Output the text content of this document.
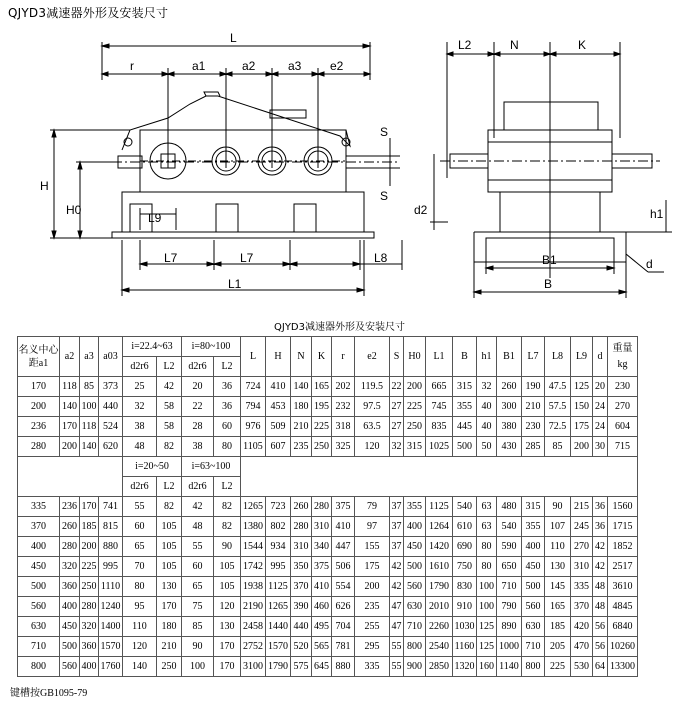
QJYD3减速器外形及安装尺寸
L
r	a1	a2	a3 e2
H
H0
L9
L7	L7	L8
L1
S
S
L2	N	K
d2	h1
B1
B
d
QJYD3减速器外形及安装尺寸
名义中心距a1	a2	a3	a03	i=22.4~63		i=80~100		L	H	N	K	r	e2	S	H0	L1	B	h1	B1	L7	L8	L9	d	重量
kg
				d2r6	L2	d2r6	L2																	
170	118	85	373	25	42	20	36	724	410	140	165	202	119.5	22	200	665	315	32	260	190	47.5	125	20	230
200	140	100	440	32	58	22	36	794	453	180	195	232	97.5	27	225	745	355	40	300	210	57.5	150	24	270
236	170	118	524	38	58	28	60	976	509	210	225	318	63.5	27	250	835	445	40	380	230	72.5	175	24	604
280	200	140	620	48	82	38	80	1105	607	235	250	325	120	32	315	1025	500	50	430	285	85	200	30	715
				i=20~50		i=63~100																		
				d2r6	L2	d2r6	L2																	
335	236	170	741	55	82	42	82	1265	723	260	280	375	79	37	355	1125	540	63	480	315	90	215	36	1560
370	260	185	815	60	105	48	82	1380	802	280	310	410	97	37	400	1264	610	63	540	355	107	245	36	1715
400	280	200	880	65	105	55	90	1544	934	310	340	447	155	37	450	1420	690	80	590	400	110	270	42	1852
450	320	225	995	70	105	60	105	1742	995	350	375	506	175	42	500	1610	750	80	650	450	130	310	42	2517
500	360	250	1110	80	130	65	105	1938	1125	370	410	554	200	42	560	1790	830	100	710	500	145	335	48	3610
560	400	280	1240	95	170	75	120	2190	1265	390	460	626	235	47	630	2010	910	100	790	560	165	370	48	4845
630	450	320	1400	110	180	85	130	2458	1440	440	495	704	255	47	710	2260	1030	125	890	630	185	420	56	6840
710	500	360	1570	120	210	90	170	2752	1570	520	565	781	295	55	800	2540	1160	125	1000	710	205	470	56	10260
800	560	400	1760	140	250	100	170	3100	1790	575	645	880	335	55	900	2850	1320	160	1140	800	225	530	64	13300
键槽按GB1095-79
